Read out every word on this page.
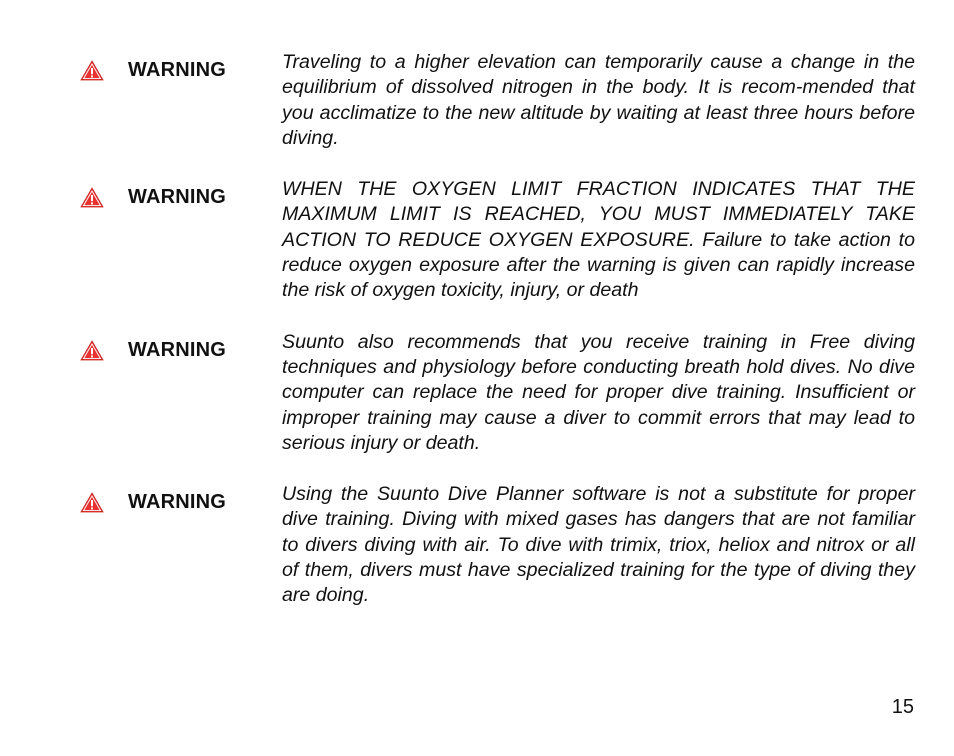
WARNING	Traveling to a higher elevation can temporarily cause a change in the equilibrium of dissolved nitrogen in the body. It is recom-mended that you acclimatize to the new altitude by waiting at least three hours before diving.
WARNING	WHEN THE OXYGEN LIMIT FRACTION INDICATES THAT THE MAXIMUM LIMIT IS REACHED, YOU MUST IMMEDIATELY TAKE ACTION TO REDUCE OXYGEN EXPOSURE. Failure to take action to reduce oxygen exposure after the warning is given can rapidly increase the risk of oxygen toxicity, injury, or death
WARNING	Suunto also recommends that you receive training in Free diving techniques and physiology before conducting breath hold dives. No dive computer can replace the need for proper dive training. Insufficient or improper training may cause a diver to commit errors that may lead to serious injury or death.
WARNING	Using the Suunto Dive Planner software is not a substitute for proper dive training. Diving with mixed gases has dangers that are not familiar to divers diving with air. To dive with trimix, triox, heliox and nitrox or all of them, divers must have specialized training for the type of diving they are doing.
15
